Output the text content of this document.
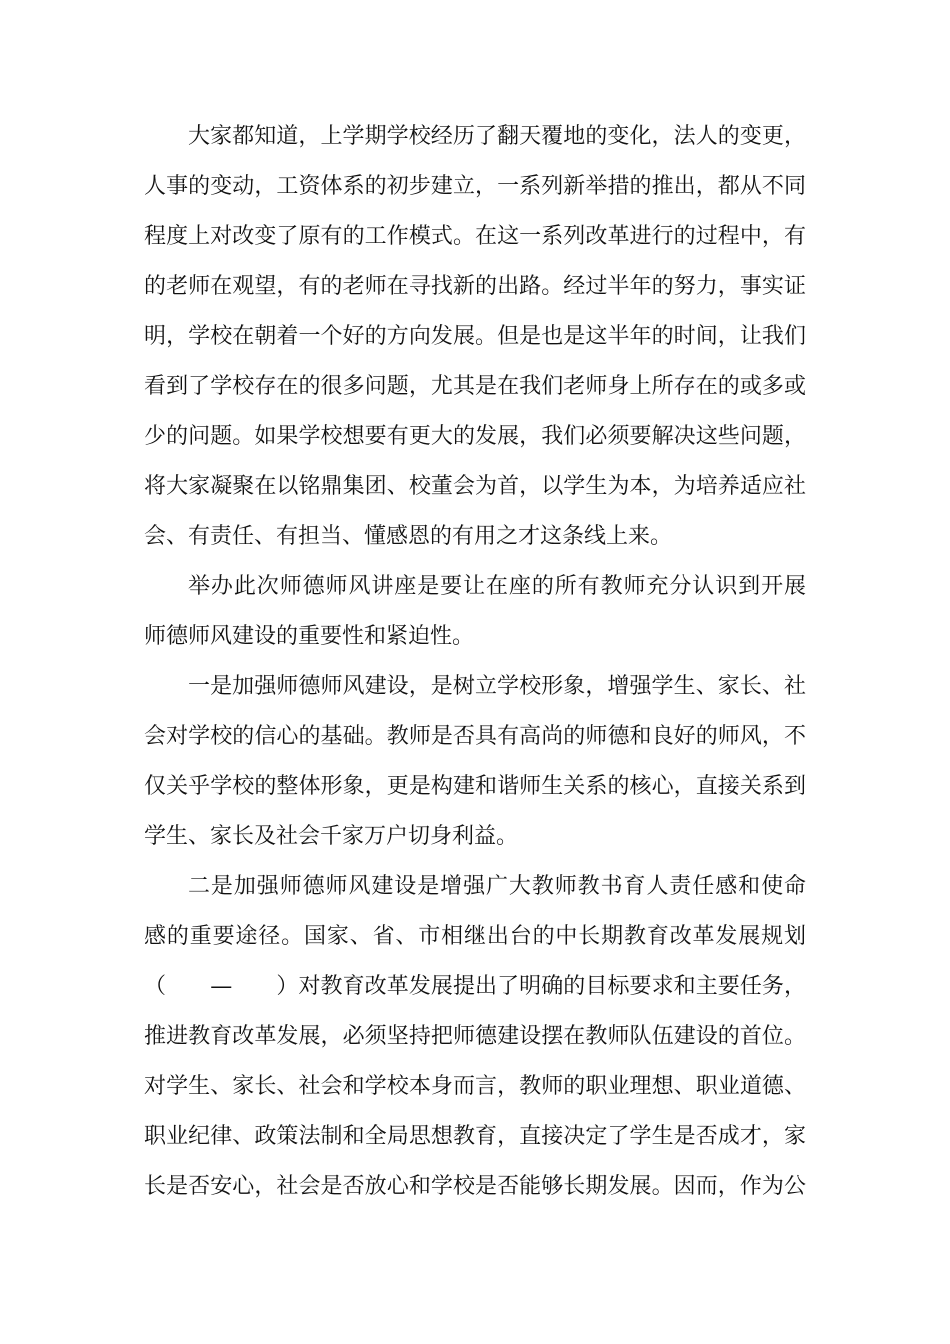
大家都知道，上学期学校经历了翻天覆地的变化，法人的变更，
人事的变动，工资体系的初步建立，一系列新举措的推出，都从不同
程度上对改变了原有的工作模式。在这一系列改革进行的过程中，有
的老师在观望，有的老师在寻找新的出路。经过半年的努力，事实证
明，学校在朝着一个好的方向发展。但是也是这半年的时间，让我们
看到了学校存在的很多问题，尤其是在我们老师身上所存在的或多或
少的问题。如果学校想要有更大的发展，我们必须要解决这些问题，
将大家凝聚在以铭鼎集团、校董会为首，以学生为本，为培养适应社
会、有责任、有担当、懂感恩的有用之才这条线上来。
举办此次师德师风讲座是要让在座的所有教师充分认识到开展
师德师风建设的重要性和紧迫性。
一是加强师德师风建设，是树立学校形象，增强学生、家长、社
会对学校的信心的基础。教师是否具有高尚的师德和良好的师风，不
仅关乎学校的整体形象，更是构建和谐师生关系的核心，直接关系到
学生、家长及社会千家万户切身利益。
二是加强师德师风建设是增强广大教师教书育人责任感和使命
感的重要途径。国家、省、市相继出台的中长期教育改革发展规划
（　　—　　）对教育改革发展提出了明确的目标要求和主要任务，
推进教育改革发展，必须坚持把师德建设摆在教师队伍建设的首位。
对学生、家长、社会和学校本身而言，教师的职业理想、职业道德、
职业纪律、政策法制和全局思想教育，直接决定了学生是否成才，家
长是否安心，社会是否放心和学校是否能够长期发展。因而，作为公
